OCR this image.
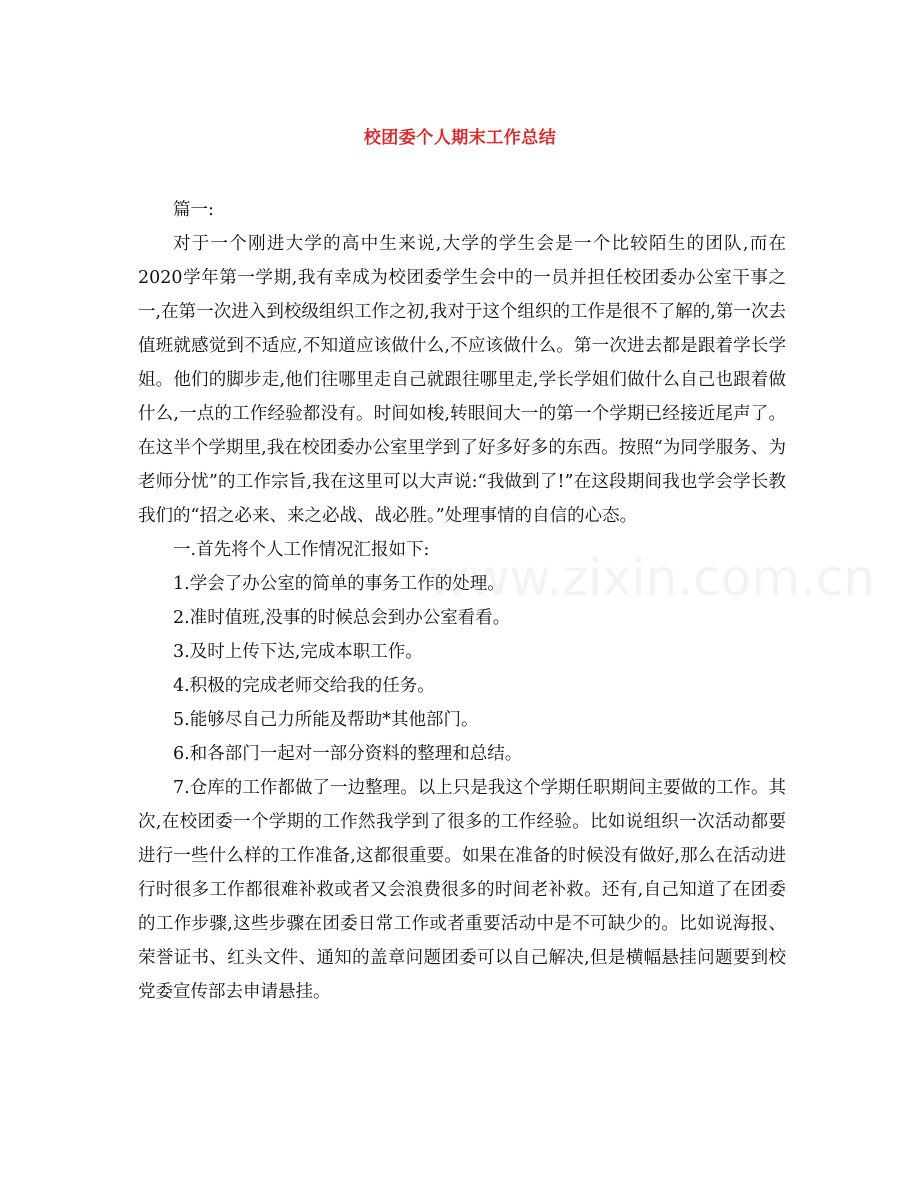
校团委个人期末工作总结

篇一:

对于一个刚进大学的高中生来说,大学的学生会是一个比较陌生的团队,而在2020学年第一学期,我有幸成为校团委学生会中的一员并担任校团委办公室干事之一,在第一次进入到校级组织工作之初,我对于这个组织的工作是很不了解的,第一次去值班就感觉到不适应,不知道应该做什么,不应该做什么。第一次进去都是跟着学长学姐。他们的脚步走,他们往哪里走自己就跟往哪里走,学长学姐们做什么自己也跟着做什么,一点的工作经验都没有。时间如梭,转眼间大一的第一个学期已经接近尾声了。在这半个学期里,我在校团委办公室里学到了好多好多的东西。按照“为同学服务、为老师分忧”的工作宗旨,我在这里可以大声说:“我做到了!”在这段期间我也学会学长教我们的“招之必来、来之必战、战必胜。”处理事情的自信的心态。

一.首先将个人工作情况汇报如下:

1.学会了办公室的简单的事务工作的处理。

2.准时值班,没事的时候总会到办公室看看。

3.及时上传下达,完成本职工作。

4.积极的完成老师交给我的任务。

5.能够尽自己力所能及帮助*其他部门。

6.和各部门一起对一部分资料的整理和总结。

7.仓库的工作都做了一边整理。以上只是我这个学期任职期间主要做的工作。其次,在校团委一个学期的工作然我学到了很多的工作经验。比如说组织一次活动都要进行一些什么样的工作准备,这都很重要。如果在准备的时候没有做好,那么在活动进行时很多工作都很难补救或者又会浪费很多的时间老补救。还有,自己知道了在团委的工作步骤,这些步骤在团委日常工作或者重要活动中是不可缺少的。比如说海报、荣誉证书、红头文件、通知的盖章问题团委可以自己解决,但是横幅悬挂问题要到校党委宣传部去申请悬挂。

www.zixin.com.cn
